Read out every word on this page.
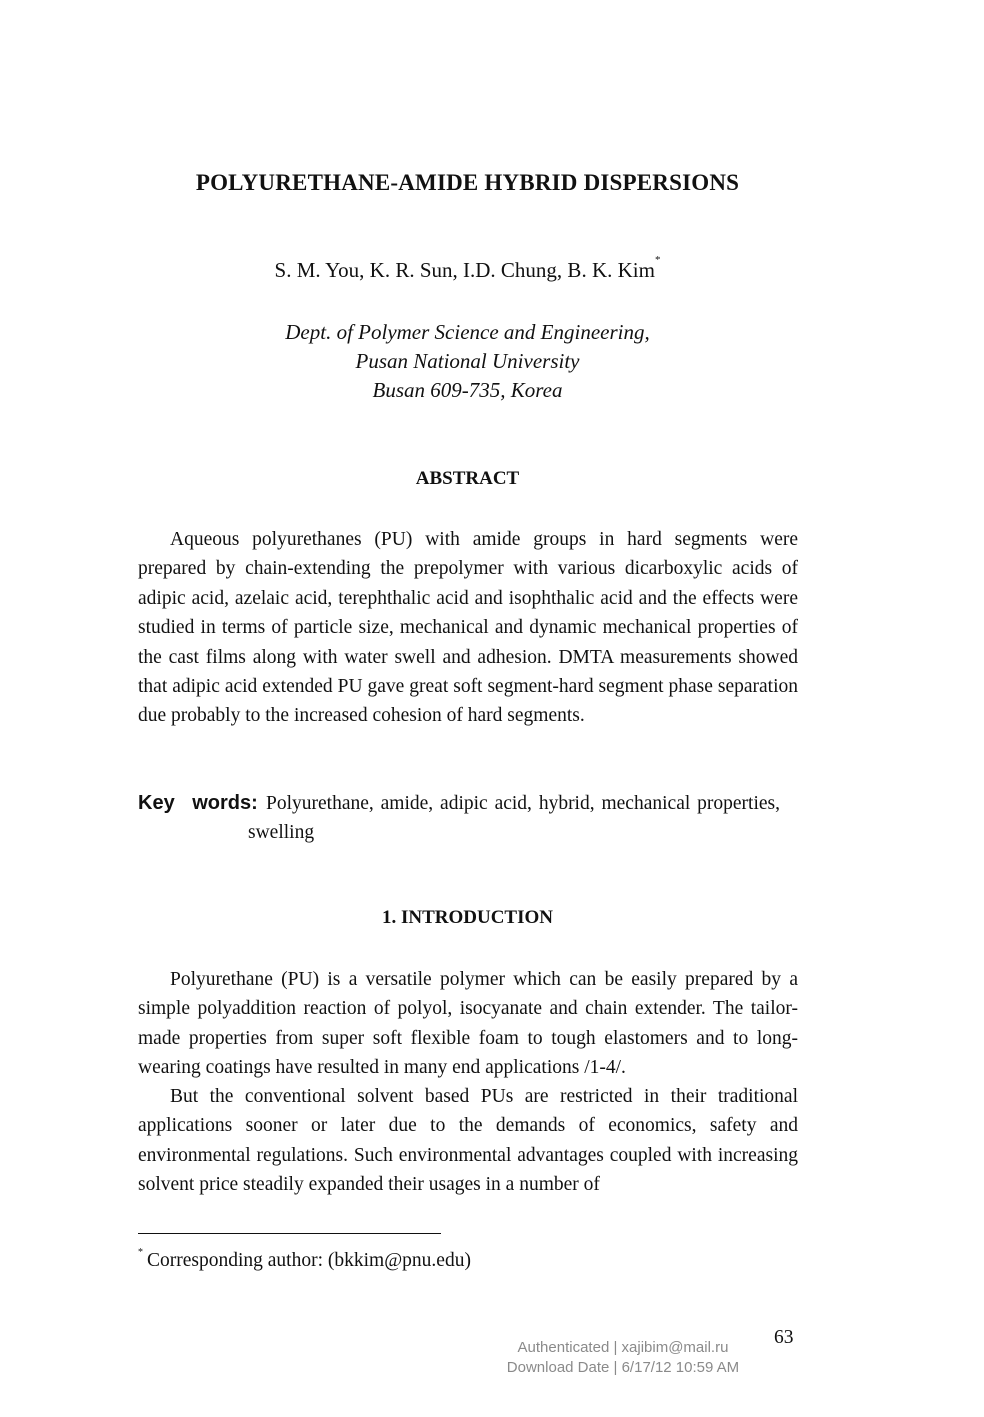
POLYURETHANE-AMIDE HYBRID DISPERSIONS
S. M. You, K. R. Sun, I.D. Chung, B. K. Kim*
Dept. of Polymer Science and Engineering,
Pusan National University
Busan 609-735, Korea
ABSTRACT

Aqueous polyurethanes (PU) with amide groups in hard segments were prepared by chain-extending the prepolymer with various dicarboxylic acids of adipic acid, azelaic acid, terephthalic acid and isophthalic acid and the effects were studied in terms of particle size, mechanical and dynamic mechanical properties of the cast films along with water swell and adhesion. DMTA measurements showed that adipic acid extended PU gave great soft segment-hard segment phase separation due probably to the increased cohesion of hard segments.

Key words: Polyurethane, amide, adipic acid, hybrid, mechanical properties, swelling
1. INTRODUCTION

Polyurethane (PU) is a versatile polymer which can be easily prepared by a simple polyaddition reaction of polyol, isocyanate and chain extender. The tailor-made properties from super soft flexible foam to tough elastomers and to long-wearing coatings have resulted in many end applications /1-4/.

But the conventional solvent based PUs are restricted in their traditional applications sooner or later due to the demands of economics, safety and environmental regulations. Such environmental advantages coupled with increasing solvent price steadily expanded their usages in a number of

* Corresponding author: (bkkim@pnu.edu)
Authenticated | xajibim@mail.ru
Download Date | 6/17/12 10:59 AM
63
